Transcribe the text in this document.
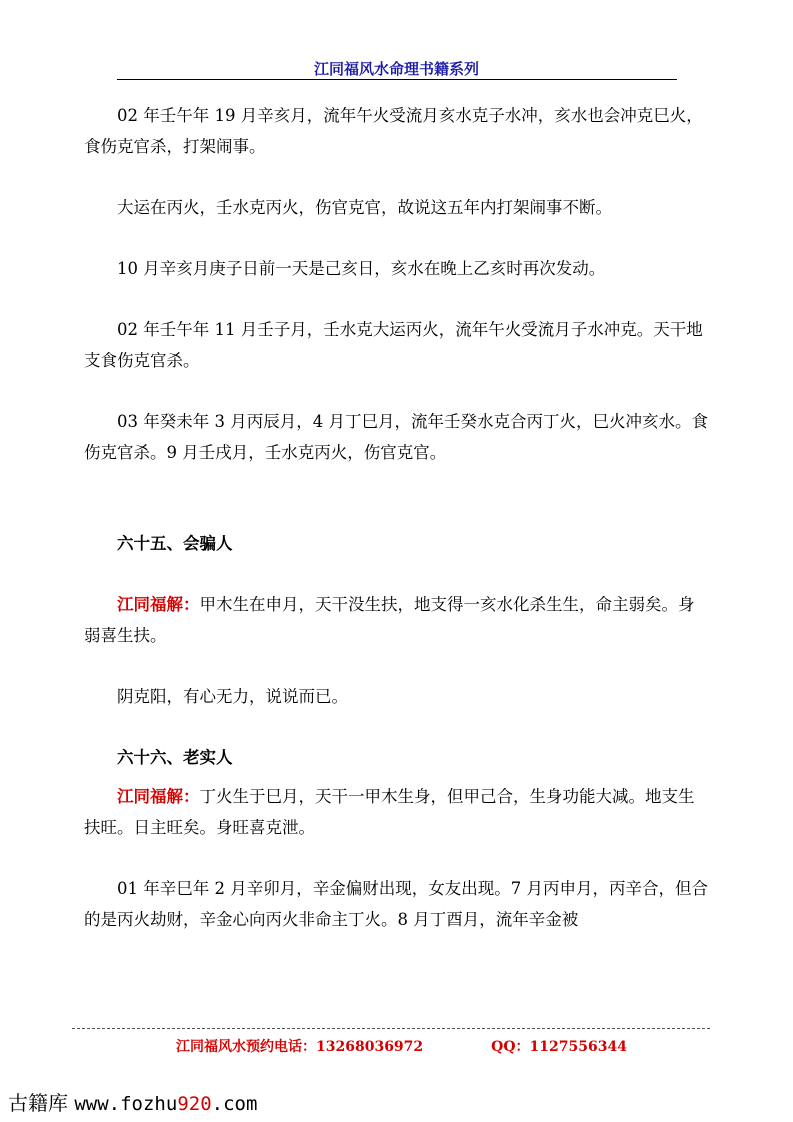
江同福风水命理书籍系列

02 年壬午年 19 月辛亥月，流年午火受流月亥水克子水冲，亥水也会冲克巳火，食伤克官杀，打架闹事。

大运在丙火，壬水克丙火，伤官克官，故说这五年内打架闹事不断。

10 月辛亥月庚子日前一天是己亥日，亥水在晚上乙亥时再次发动。

02 年壬午年 11 月壬子月，壬水克大运丙火，流年午火受流月子水冲克。天干地支食伤克官杀。

03 年癸未年 3 月丙辰月，4 月丁巳月，流年壬癸水克合丙丁火，巳火冲亥水。食伤克官杀。9 月壬戌月，壬水克丙火，伤官克官。

六十五、会骗人

江同福解：甲木生在申月，天干没生扶，地支得一亥水化杀生生，命主弱矣。身弱喜生扶。

阴克阳，有心无力，说说而已。

六十六、老实人

江同福解：丁火生于巳月，天干一甲木生身，但甲己合，生身功能大减。地支生扶旺。日主旺矣。身旺喜克泄。

01 年辛巳年 2 月辛卯月，辛金偏财出现，女友出现。7 月丙申月，丙辛合，但合的是丙火劫财，辛金心向丙火非命主丁火。8 月丁酉月，流年辛金被

江同福风水预约电话：13268036972	QQ：1127556344
古籍库 www.fozhu920.com
